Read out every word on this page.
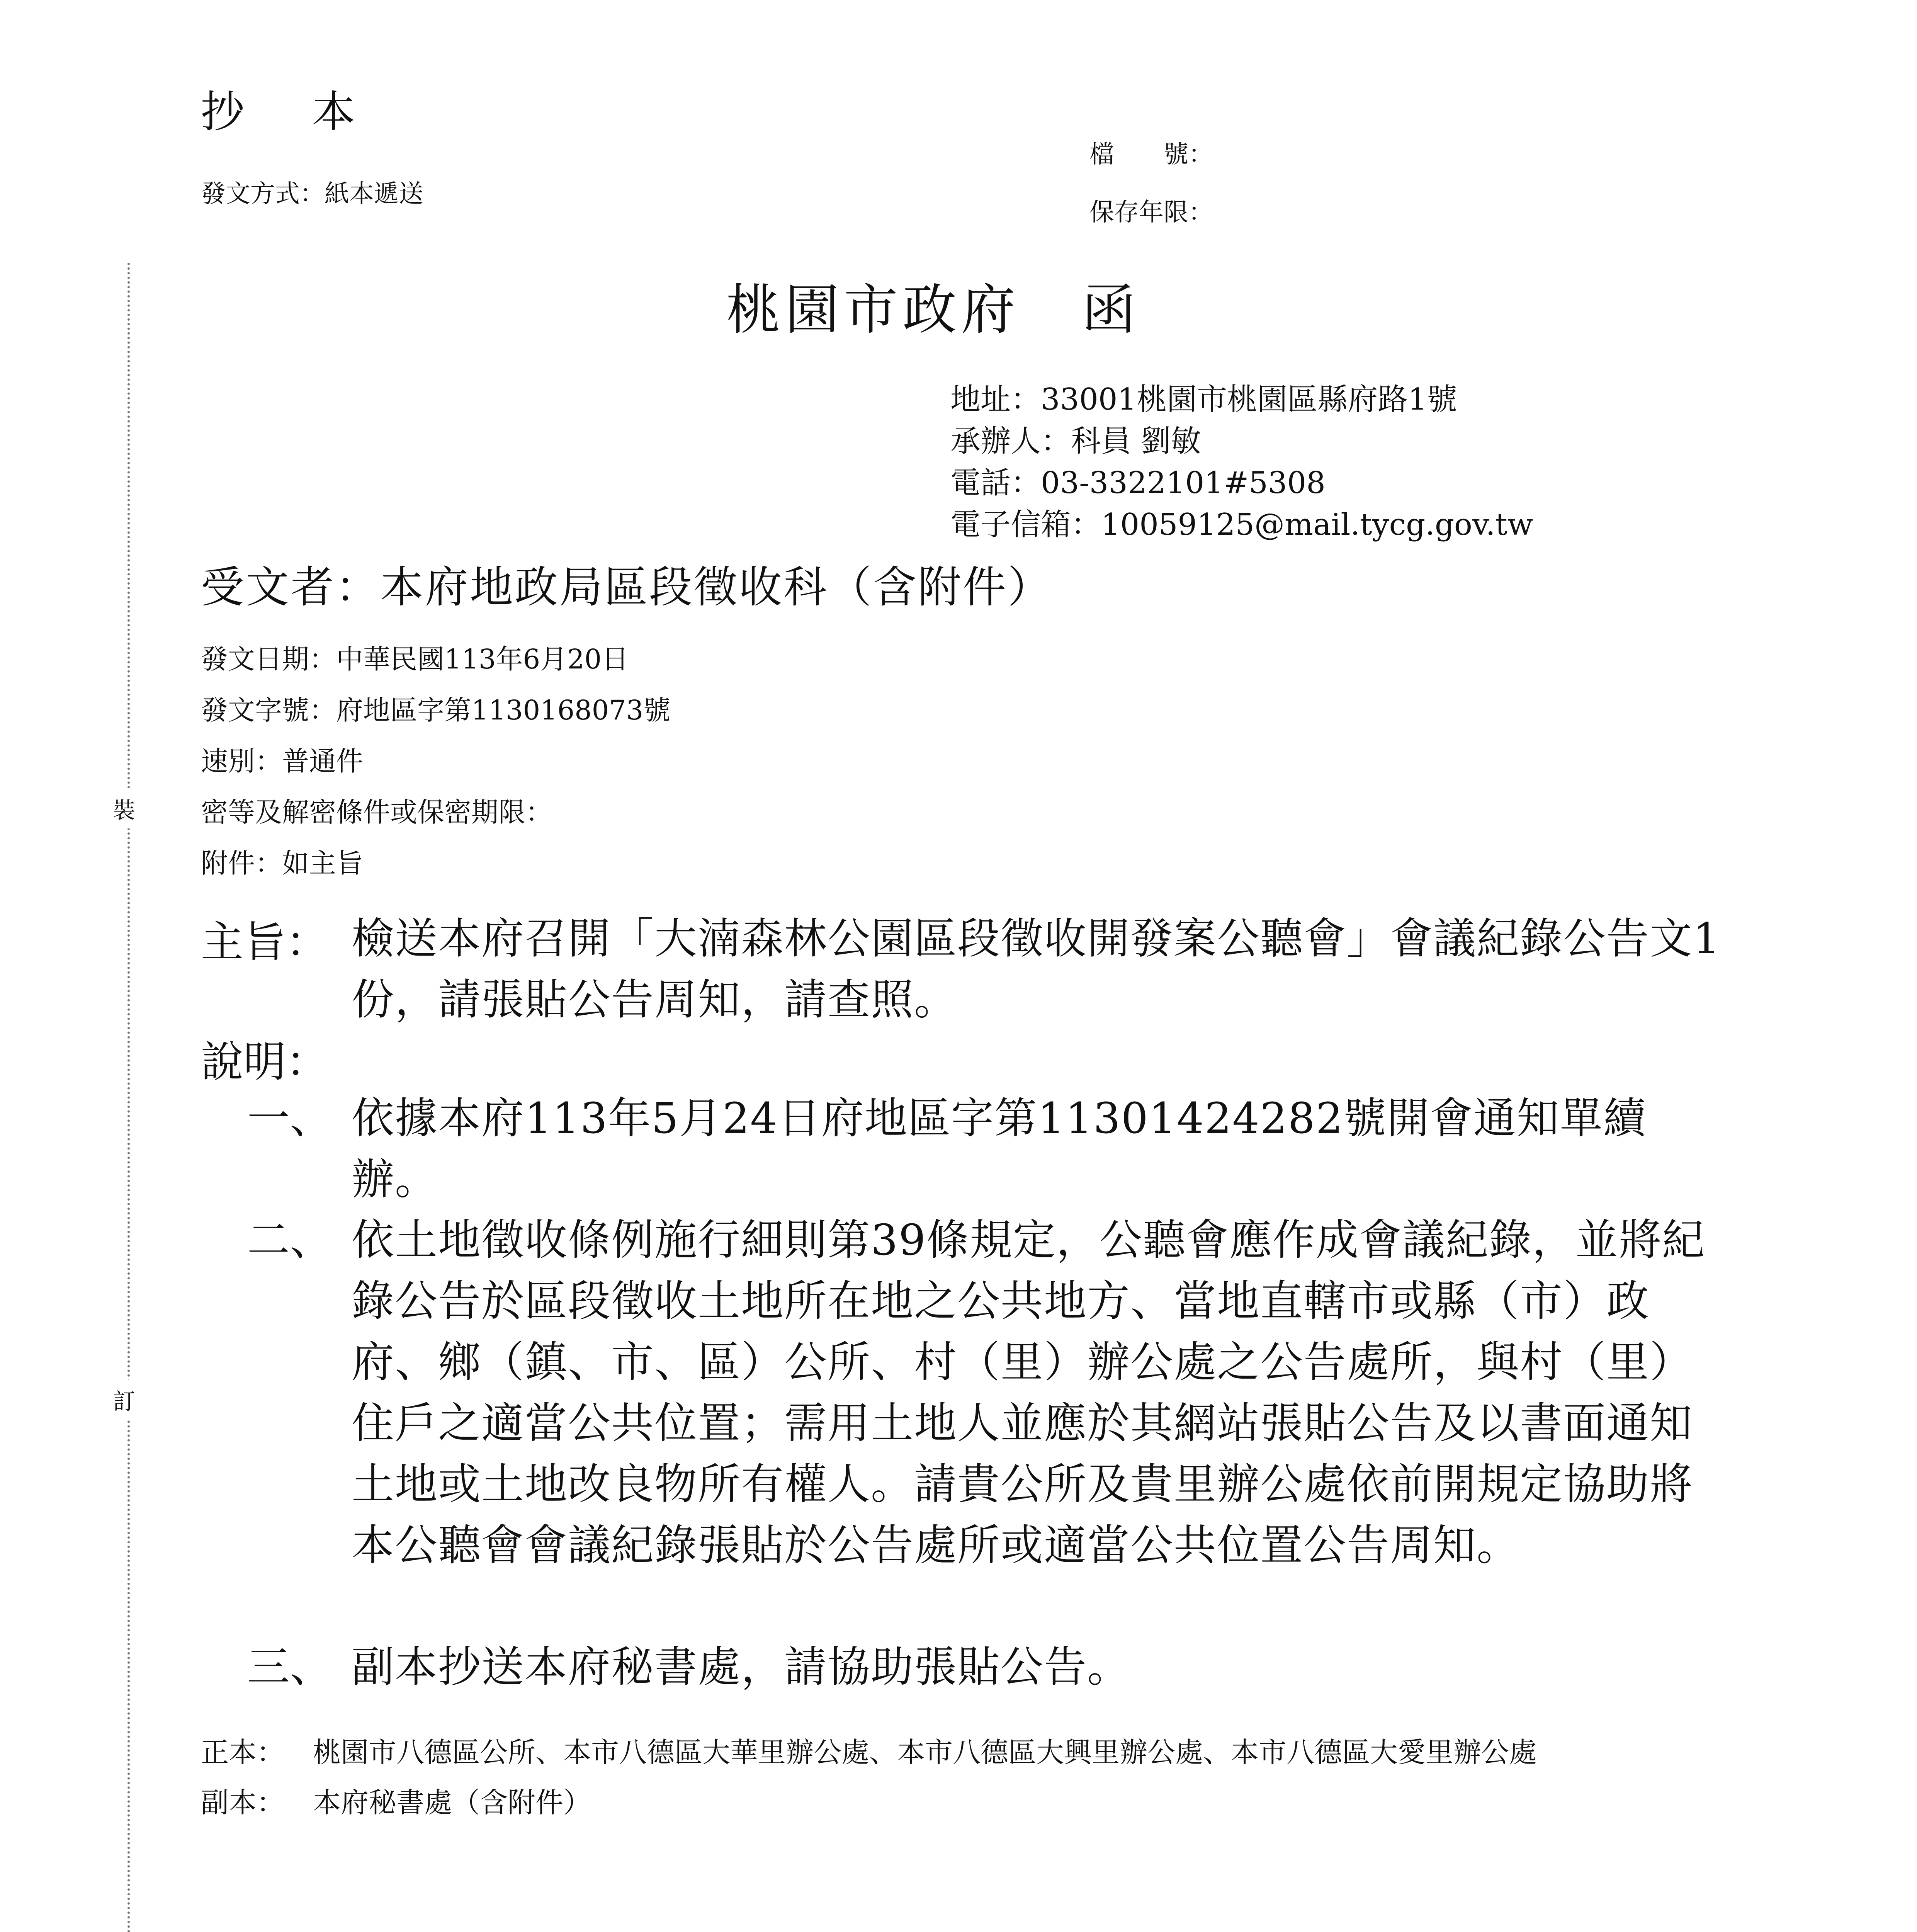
裝
訂
抄 本
發文方式：紙本遞送
檔　　號：
保存年限：
桃園市政府 函
地址：33001桃園市桃園區縣府路1號
承辦人：科員 劉敏
電話：03-3322101#5308
電子信箱：10059125@mail.tycg.gov.tw
受文者：本府地政局區段徵收科（含附件）
發文日期：中華民國113年6月20日
發文字號：府地區字第1130168073號
速別：普通件
密等及解密條件或保密期限：
附件：如主旨
主旨： 檢送本府召開「大湳森林公園區段徵收開發案公聽會」會議紀錄公告文1份，請張貼公告周知，請查照。
說明：
一、 依據本府113年5月24日府地區字第11301424282號開會通知單續辦。
二、 依土地徵收條例施行細則第39條規定，公聽會應作成會議紀錄，並將紀錄公告於區段徵收土地所在地之公共地方、當地直轄市或縣（市）政府、鄉（鎮、市、區）公所、村（里）辦公處之公告處所，與村（里）住戶之適當公共位置；需用土地人並應於其網站張貼公告及以書面通知土地或土地改良物所有權人。請貴公所及貴里辦公處依前開規定協助將本公聽會會議紀錄張貼於公告處所或適當公共位置公告周知。
三、 副本抄送本府秘書處，請協助張貼公告。
正本： 桃園市八德區公所、本市八德區大華里辦公處、本市八德區大興里辦公處、本市八德區大愛里辦公處
副本： 本府秘書處（含附件）
